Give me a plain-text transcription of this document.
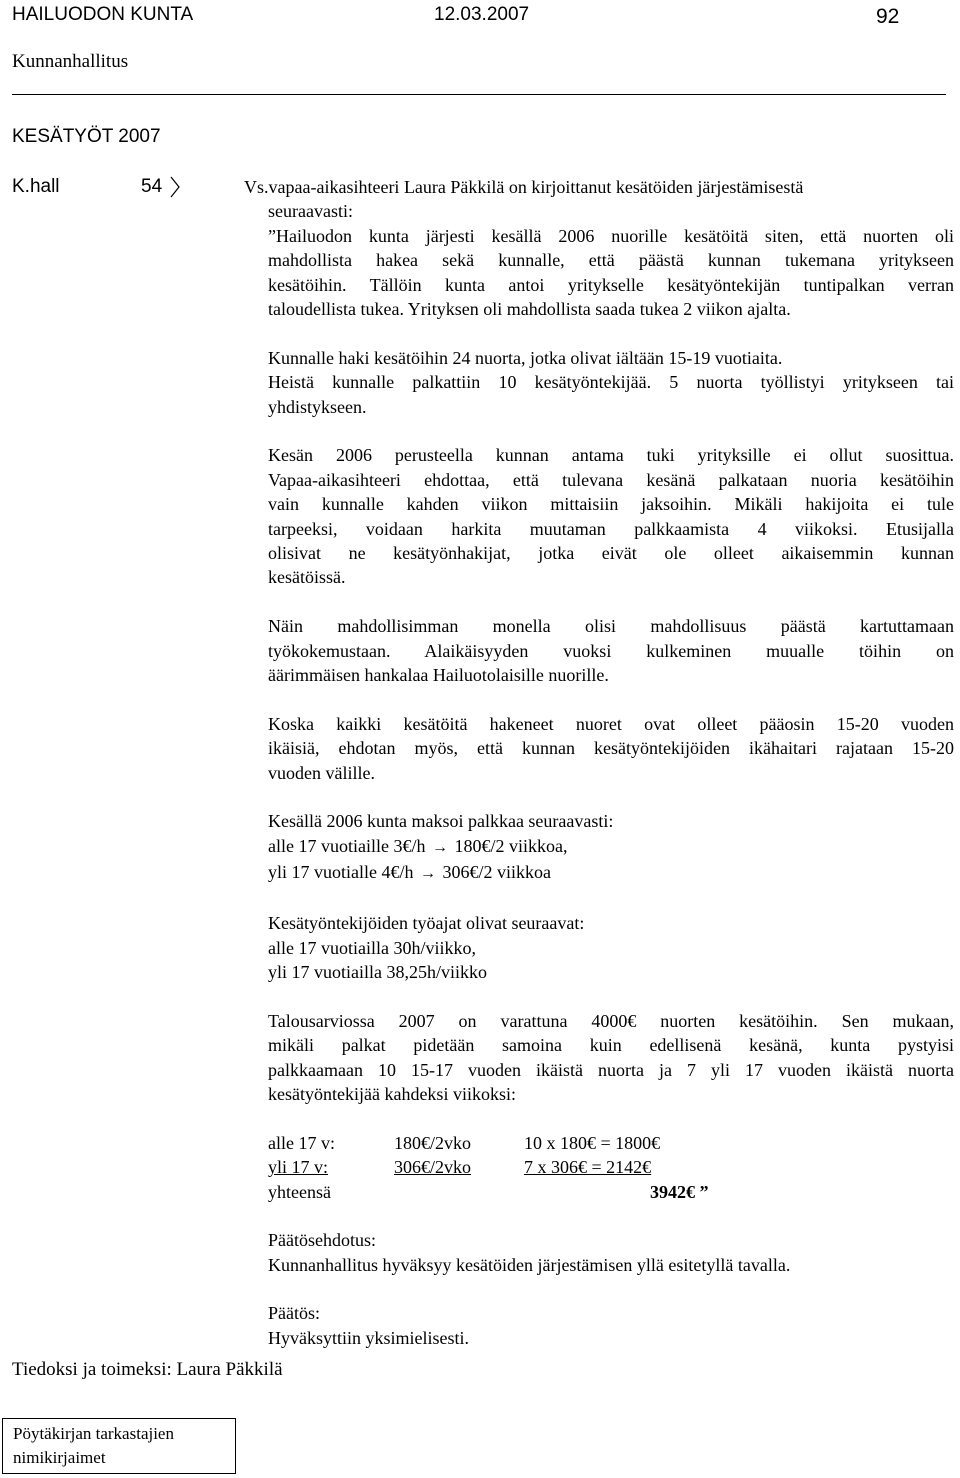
HAILUODON KUNTA	12.03.2007	92
Kunnanhallitus
KESÄTYÖT 2007
K.hall	54	Vs.vapaa-aikasihteeri Laura Päkkilä on kirjoittanut kesätöiden järjestämisestä

seuraavasti:

”Hailuodon kunta järjesti kesällä 2006 nuorille kesätöitä siten, että nuorten oli

mahdollista hakea sekä kunnalle, että päästä kunnan tukemana yritykseen

kesätöihin. Tällöin kunta antoi yritykselle kesätyöntekijän tuntipalkan verran

taloudellista tukea. Yrityksen oli mahdollista saada tukea 2 viikon ajalta.

Kunnalle haki kesätöihin 24 nuorta, jotka olivat iältään 15-19 vuotiaita.

Heistä kunnalle palkattiin 10 kesätyöntekijää. 5 nuorta työllistyi yritykseen tai

yhdistykseen.

Kesän 2006 perusteella kunnan antama tuki yrityksille ei ollut suosittua.

Vapaa-aikasihteeri ehdottaa, että tulevana kesänä palkataan nuoria kesätöihin

vain kunnalle kahden viikon mittaisiin jaksoihin. Mikäli hakijoita ei tule

tarpeeksi, voidaan harkita muutaman palkkaamista 4 viikoksi. Etusijalla

olisivat ne kesätyönhakijat, jotka eivät ole olleet aikaisemmin kunnan

kesätöissä.

Näin mahdollisimman monella olisi mahdollisuus päästä kartuttamaan

työkokemustaan. Alaikäisyyden vuoksi kulkeminen muualle töihin on

äärimmäisen hankalaa Hailuotolaisille nuorille.

Koska kaikki kesätöitä hakeneet nuoret ovat olleet pääosin 15-20 vuoden

ikäisiä, ehdotan myös, että kunnan kesätyöntekijöiden ikähaitari rajataan 15-20

vuoden välille.

Kesällä 2006 kunta maksoi palkkaa seuraavasti:

alle 17 vuotiaille 3€/h → 180€/2 viikkoa,

yli 17 vuotialle 4€/h → 306€/2 viikkoa

Kesätyöntekijöiden työajat olivat seuraavat:

alle 17 vuotiailla 30h/viikko,

yli 17 vuotiailla 38,25h/viikko

Talousarviossa 2007 on varattuna 4000€ nuorten kesätöihin. Sen mukaan,

mikäli palkat pidetään samoina kuin edellisenä kesänä, kunta pystyisi

palkkaamaan 10 15-17 vuoden ikäistä nuorta ja 7 yli 17 vuoden ikäistä nuorta

kesätyöntekijää kahdeksi viikoksi:

alle 17 v:	180€/2vko	10 x 180€ = 1800€
yli 17 v:	306€/2vko	7 x 306€ = 2142€
yhteensä	3942€ ”

Päätösehdotus:

Kunnanhallitus hyväksyy kesätöiden järjestämisen yllä esitetyllä tavalla.

Päätös:

Hyväksyttiin yksimielisesti.

Tiedoksi ja toimeksi: Laura Päkkilä
Pöytäkirjan tarkastajien
nimikirjaimet
